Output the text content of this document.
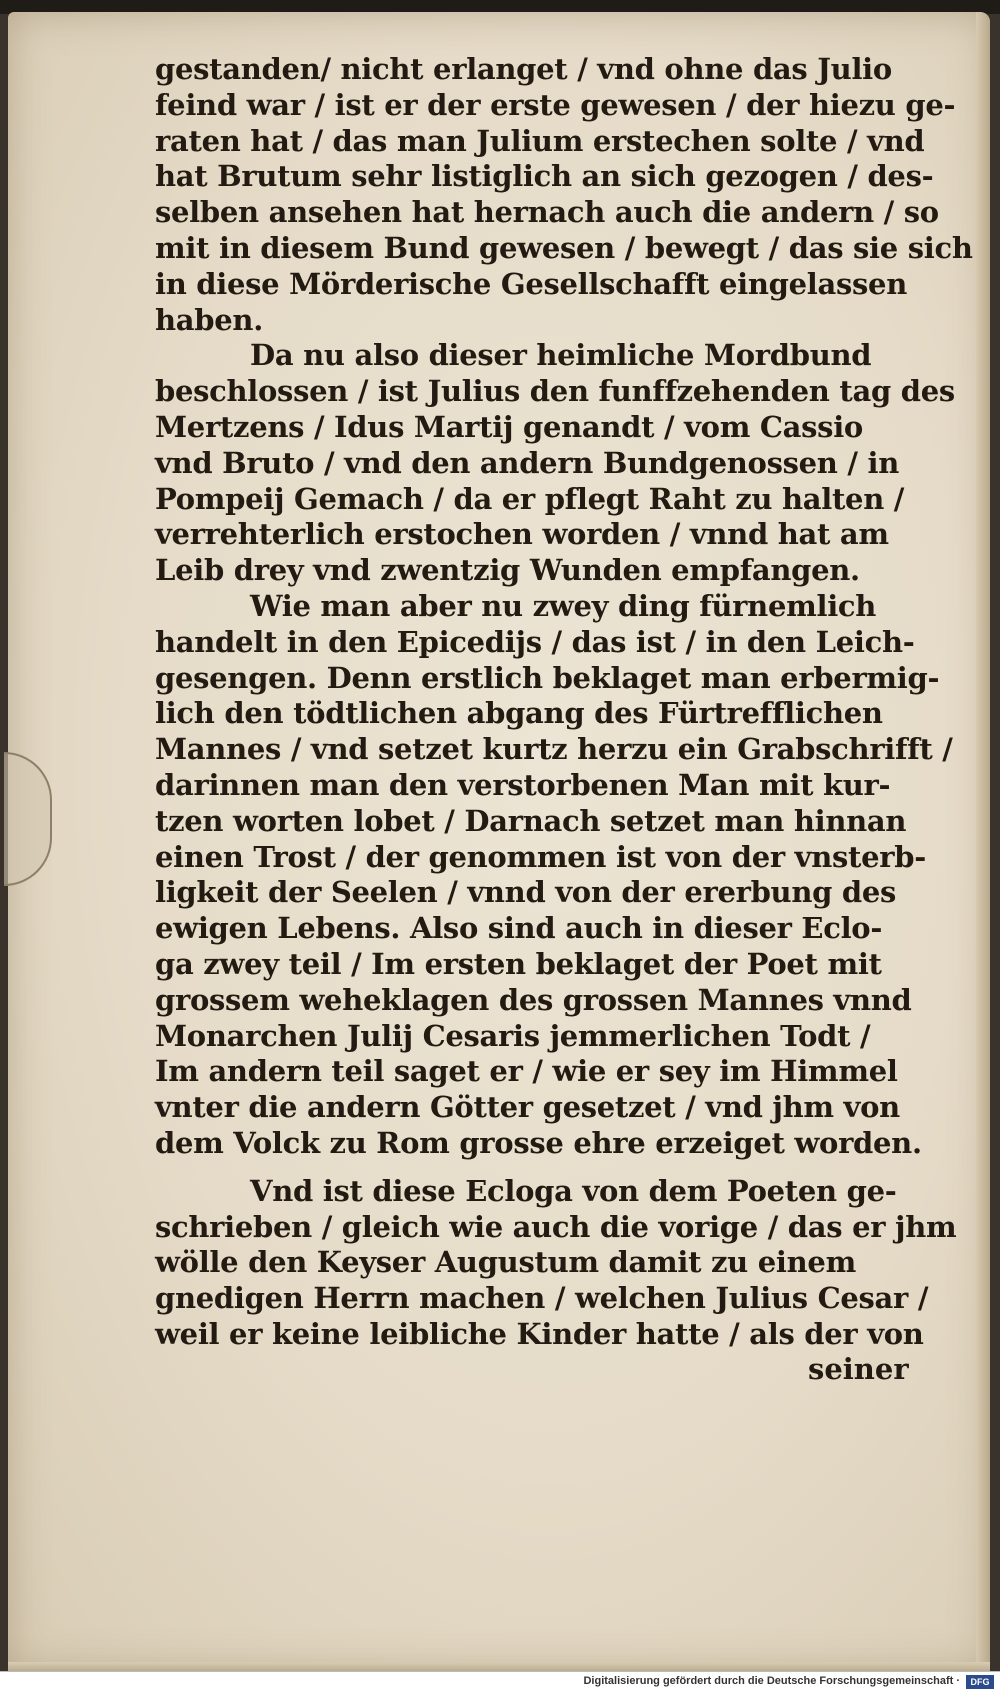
gestanden/ nicht erlanget / vnd ohne das Julio
feind war / ist er der erste gewesen / der hiezu ge-
raten hat / das man Julium erstechen solte / vnd
hat Brutum sehr listiglich an sich gezogen / des-
selben ansehen hat hernach auch die andern / so
mit in diesem Bund gewesen / bewegt / das sie sich
in diese Mörderische Gesellschafft eingelassen
haben.
Da nu also dieser heimliche Mordbund
beschlossen / ist Julius den funffzehenden tag des
Mertzens / Idus Martij genandt / vom Cassio
vnd Bruto / vnd den andern Bundgenossen / in
Pompeij Gemach / da er pflegt Raht zu halten /
verrehterlich erstochen worden / vnnd hat am
Leib drey vnd zwentzig Wunden empfangen.
Wie man aber nu zwey ding fürnemlich
handelt in den Epicedijs / das ist / in den Leich-
gesengen. Denn erstlich beklaget man erbermig-
lich den tödtlichen abgang des Fürtrefflichen
Mannes / vnd setzet kurtz herzu ein Grabschrifft /
darinnen man den verstorbenen Man mit kur-
tzen worten lobet / Darnach setzet man hinnan
einen Trost / der genommen ist von der vnsterb-
ligkeit der Seelen / vnnd von der ererbung des
ewigen Lebens. Also sind auch in dieser Eclo-
ga zwey teil / Im ersten beklaget der Poet mit
grossem weheklagen des grossen Mannes vnnd
Monarchen Julij Cesaris jemmerlichen Todt /
Im andern teil saget er / wie er sey im Himmel
vnter die andern Götter gesetzet / vnd jhm von
dem Volck zu Rom grosse ehre erzeiget worden.
Vnd ist diese Ecloga von dem Poeten ge-
schrieben / gleich wie auch die vorige / das er jhm
wölle den Keyser Augustum damit zu einem
gnedigen Herrn machen / welchen Julius Cesar /
weil er keine leibliche Kinder hatte / als der von
seiner
Digitalisierung gefördert durch die Deutsche Forschungsgemeinschaft ·	DFG
